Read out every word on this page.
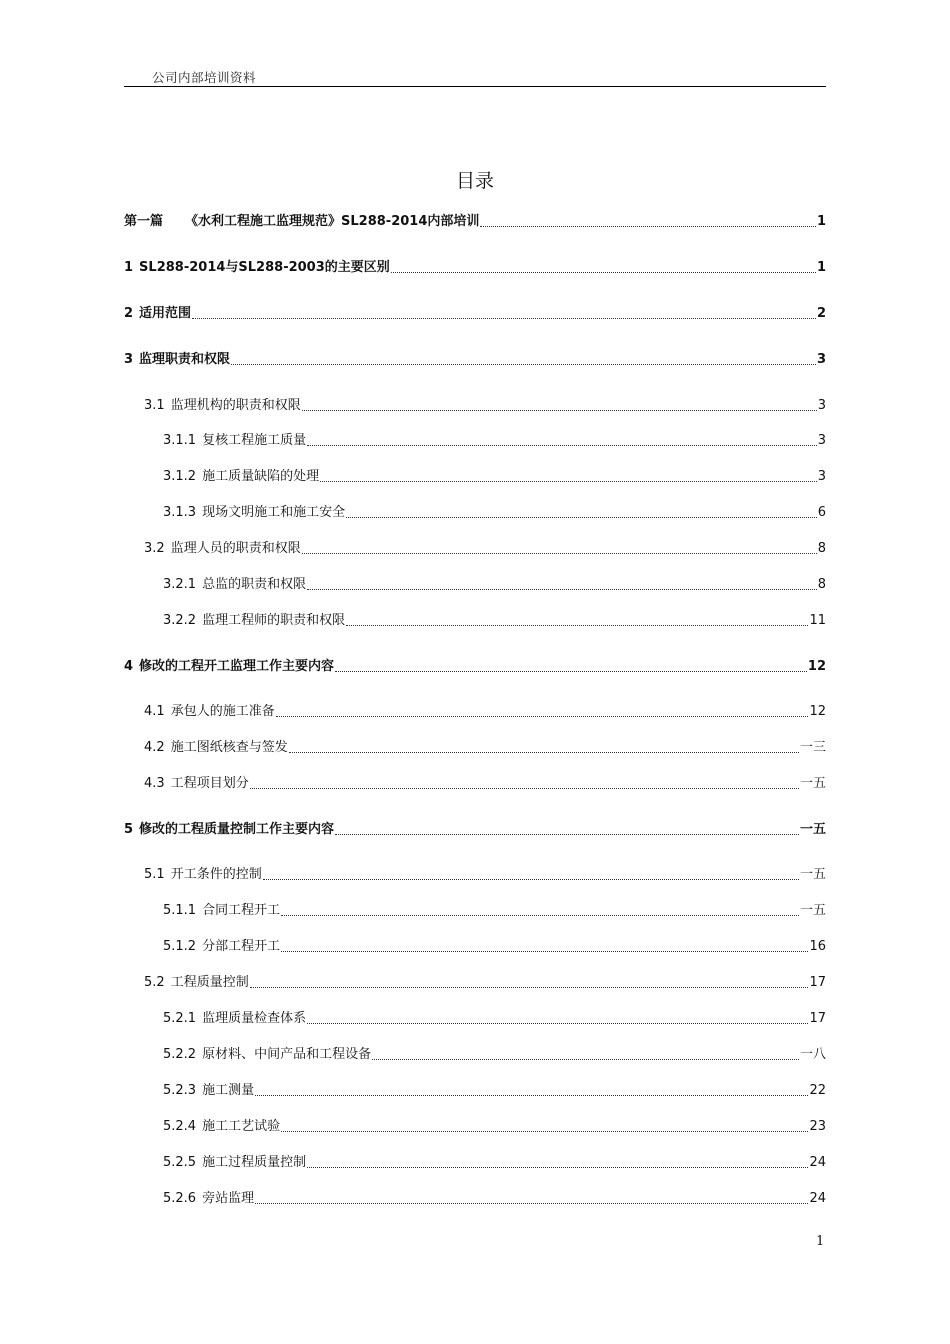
公司内部培训资料
目录
第一篇 《水利工程施工监理规范》SL288-2014内部培训	1
1 SL288-2014与SL288-2003的主要区别	1
2 适用范围	2
3 监理职责和权限	3
3.1 监理机构的职责和权限	3
3.1.1 复核工程施工质量	3
3.1.2 施工质量缺陷的处理	3
3.1.3 现场文明施工和施工安全	6
3.2 监理人员的职责和权限	8
3.2.1 总监的职责和权限	8
3.2.2 监理工程师的职责和权限	11
4 修改的工程开工监理工作主要内容	12
4.1 承包人的施工准备	12
4.2 施工图纸核查与签发	一三
4.3 工程项目划分	一五
5 修改的工程质量控制工作主要内容	一五
5.1 开工条件的控制	一五
5.1.1 合同工程开工	一五
5.1.2 分部工程开工	16
5.2 工程质量控制	17
5.2.1 监理质量检查体系	17
5.2.2 原材料、中间产品和工程设备	一八
5.2.3 施工测量	22
5.2.4 施工工艺试验	23
5.2.5 施工过程质量控制	24
5.2.6 旁站监理	24
1
